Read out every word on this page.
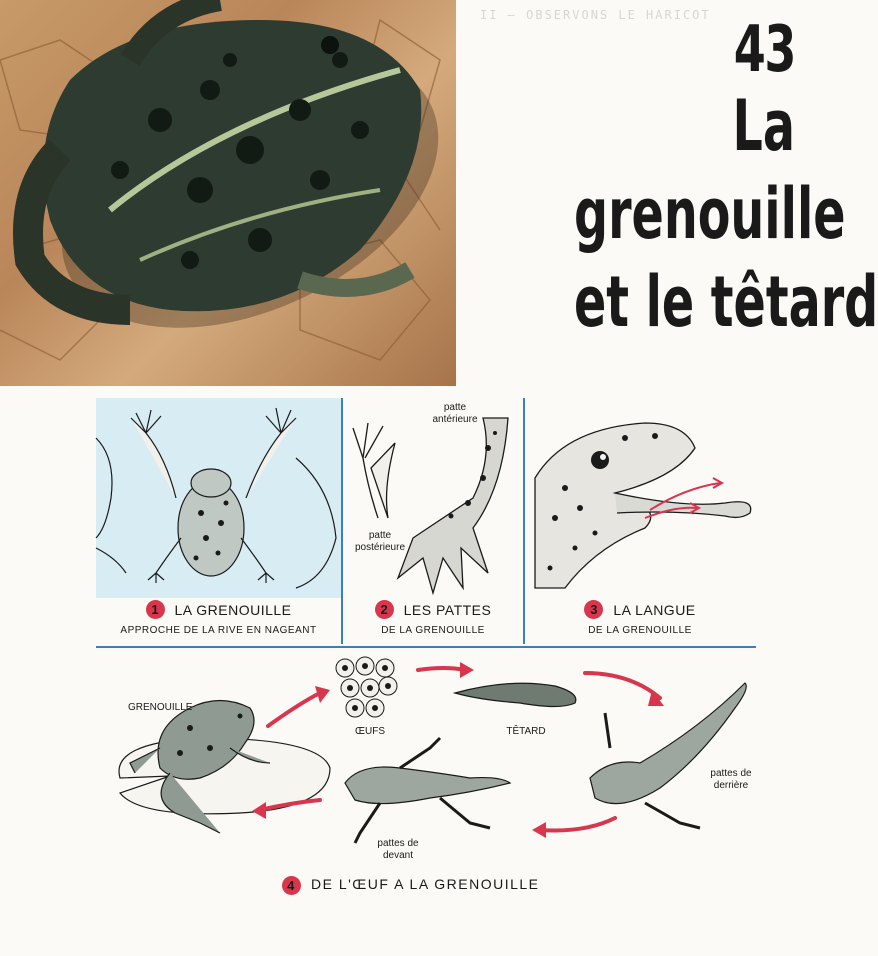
II – OBSERVONS LE HARICOT 43
La
grenouille
et le têtard
1 LA GRENOUILLE
APPROCHE DE LA RIVE EN NAGEANT
patte antérieure
patte postérieure
2 LES PATTES
DE LA GRENOUILLE
3 LA LANGUE
DE LA GRENOUILLE
GRENOUILLE
ŒUFS	TÊTARD
pattes de derrière
pattes de devant
4 DE L'ŒUF A LA GRENOUILLE
